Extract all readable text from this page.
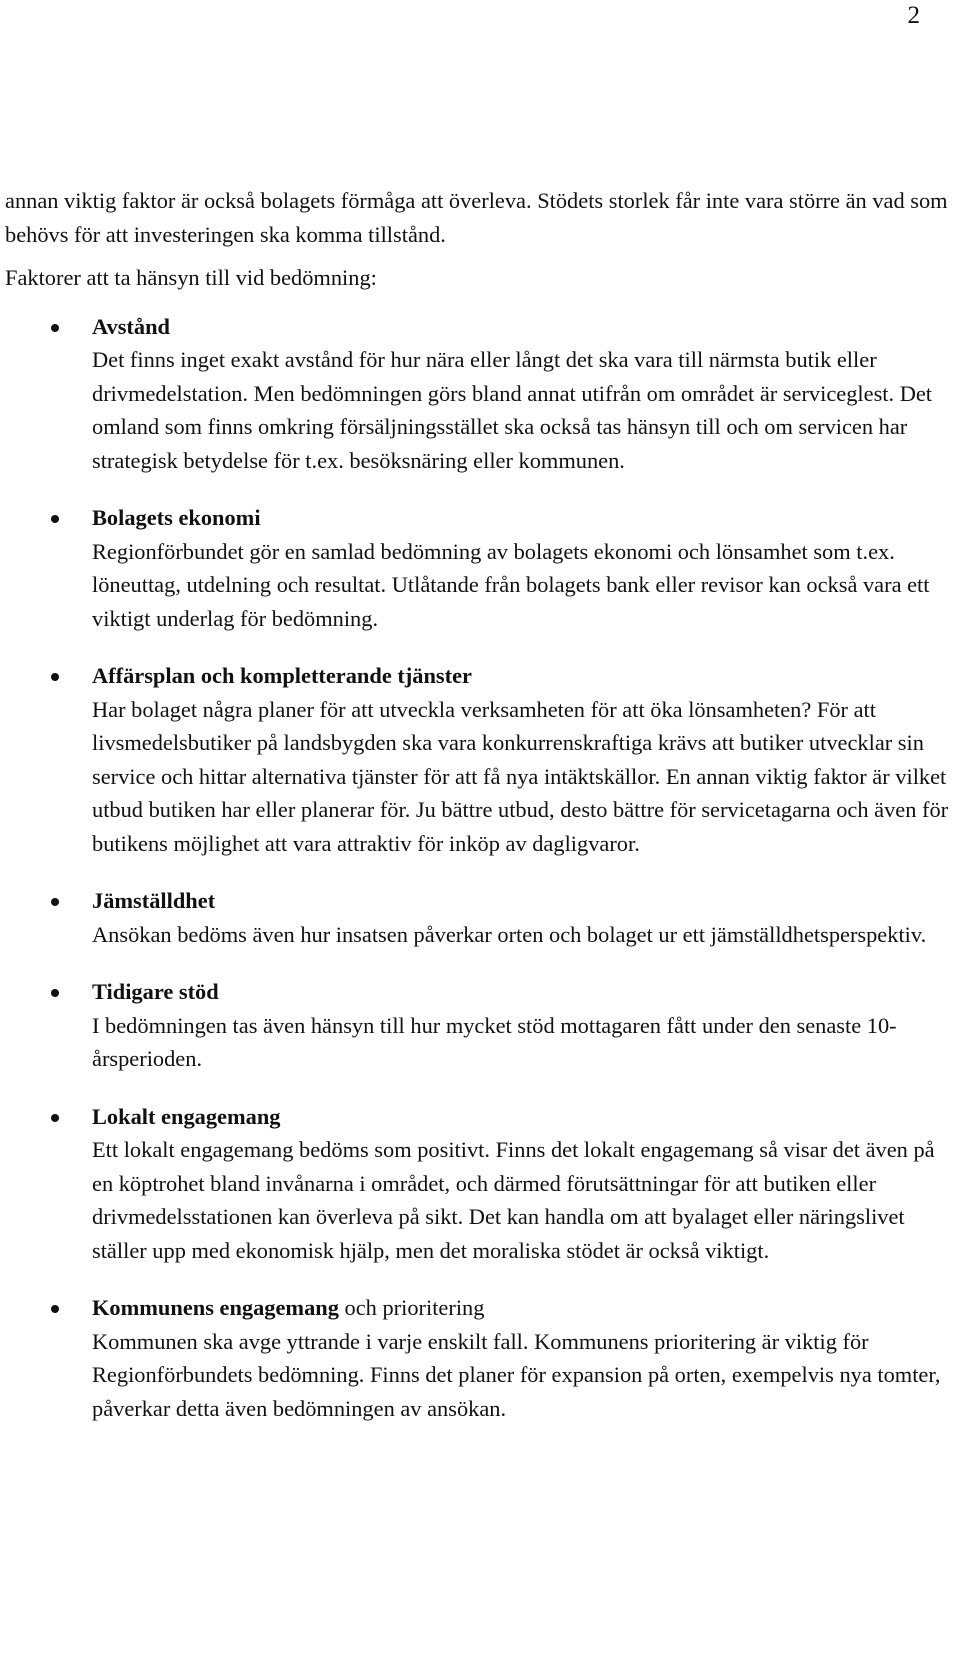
2

annan viktig faktor är också bolagets förmåga att överleva. Stödets storlek får inte vara större än vad som behövs för att investeringen ska komma tillstånd.

Faktorer att ta hänsyn till vid bedömning:

Avstånd

Det finns inget exakt avstånd för hur nära eller långt det ska vara till närmsta butik eller drivmedelstation. Men bedömningen görs bland annat utifrån om området är serviceglest. Det omland som finns omkring försäljningsstället ska också tas hänsyn till och om servicen har strategisk betydelse för t.ex. besöksnäring eller kommunen.

Bolagets ekonomi

Regionförbundet gör en samlad bedömning av bolagets ekonomi och lönsamhet som t.ex. löneuttag, utdelning och resultat. Utlåtande från bolagets bank eller revisor kan också vara ett viktigt underlag för bedömning.

Affärsplan och kompletterande tjänster

Har bolaget några planer för att utveckla verksamheten för att öka lönsamheten? För att livsmedelsbutiker på landsbygden ska vara konkurrenskraftiga krävs att butiker utvecklar sin service och hittar alternativa tjänster för att få nya intäktskällor. En annan viktig faktor är vilket utbud butiken har eller planerar för. Ju bättre utbud, desto bättre för servicetagarna och även för butikens möjlighet att vara attraktiv för inköp av dagligvaror.

Jämställdhet

Ansökan bedöms även hur insatsen påverkar orten och bolaget ur ett jämställdhetsperspektiv.

Tidigare stöd

I bedömningen tas även hänsyn till hur mycket stöd mottagaren fått under den senaste 10-årsperioden.

Lokalt engagemang

Ett lokalt engagemang bedöms som positivt. Finns det lokalt engagemang så visar det även på en köptrohet bland invånarna i området, och därmed förutsättningar för att butiken eller drivmedelsstationen kan överleva på sikt. Det kan handla om att byalaget eller näringslivet ställer upp med ekonomisk hjälp, men det moraliska stödet är också viktigt.

Kommunens engagemang och prioritering

Kommunen ska avge yttrande i varje enskilt fall. Kommunens prioritering är viktig för Regionförbundets bedömning. Finns det planer för expansion på orten, exempelvis nya tomter, påverkar detta även bedömningen av ansökan.
